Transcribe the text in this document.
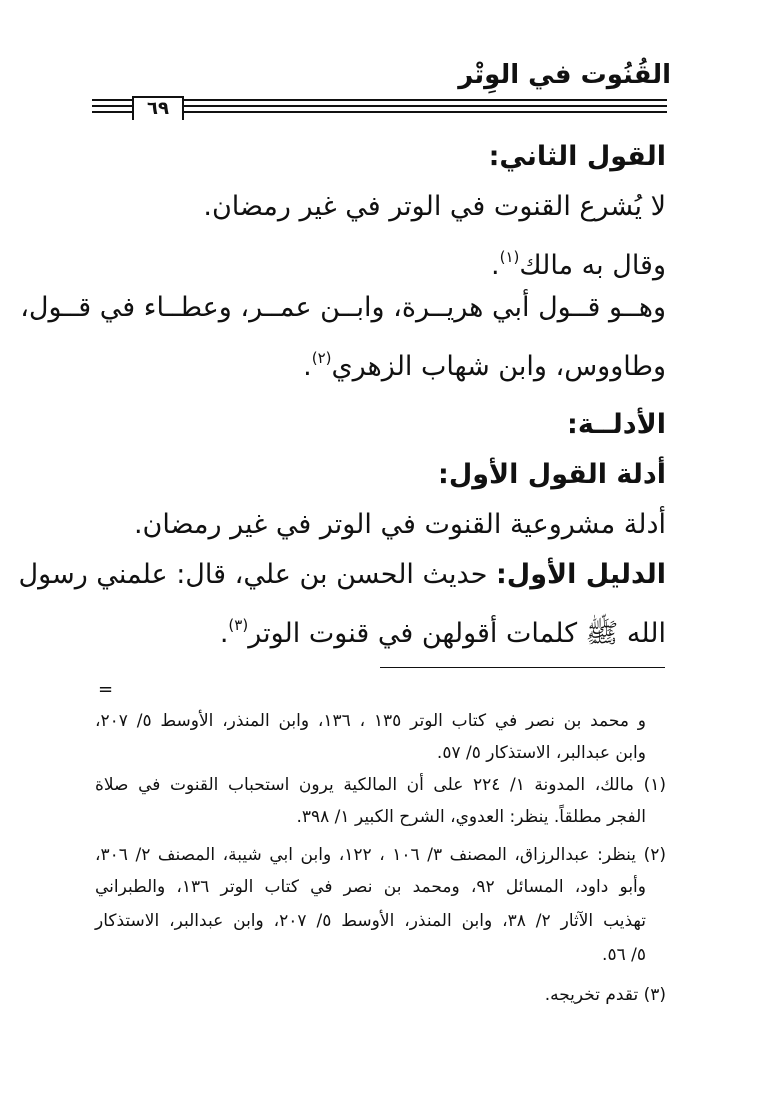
القُنُوت في الوِتْر
٦٩
القول الثاني:
لا يُشرع القنوت في الوتر في غير رمضان.
وقال به مالك$^{(١)}$.
وهــو قــول أبي هريــرة، وابــن عمــر، وعطــاء في قــول،
وطاووس، وابن شهاب الزهري$^{(٢)}$.
الأدلــة:
أدلة القول الأول:
أدلة مشروعية القنوت في الوتر في غير رمضان.
الدليل الأول: حديث الحسن بن علي، قال: علمني رسول
الله ﷺ كلمات أقولهن في قنوت الوتر$^{(٣)}$.
=
و محمد بن نصر في كتاب الوتر ١٣٥ ، ١٣٦، وابن المنذر، الأوسط ٥/ ٢٠٧،
وابن عبدالبر، الاستذكار ٥/ ٥٧.
(١) مالك، المدونة ١/ ٢٢٤ على أن المالكية يرون استحباب القنوت في صلاة
الفجر مطلقاً. ينظر: العدوي، الشرح الكبير ١/ ٣٩٨.
(٢) ينظر: عبدالرزاق، المصنف ٣/ ١٠٦ ، ١٢٢، وابن ابي شيبة، المصنف ٢/ ٣٠٦،
وأبو داود، المسائل ٩٢، ومحمد بن نصر في كتاب الوتر ١٣٦، والطبراني
تهذيب الآثار ٢/ ٣٨، وابن المنذر، الأوسط ٥/ ٢٠٧، وابن عبدالبر، الاستذكار
٥/ ٥٦.
(٣) تقدم تخريجه.
